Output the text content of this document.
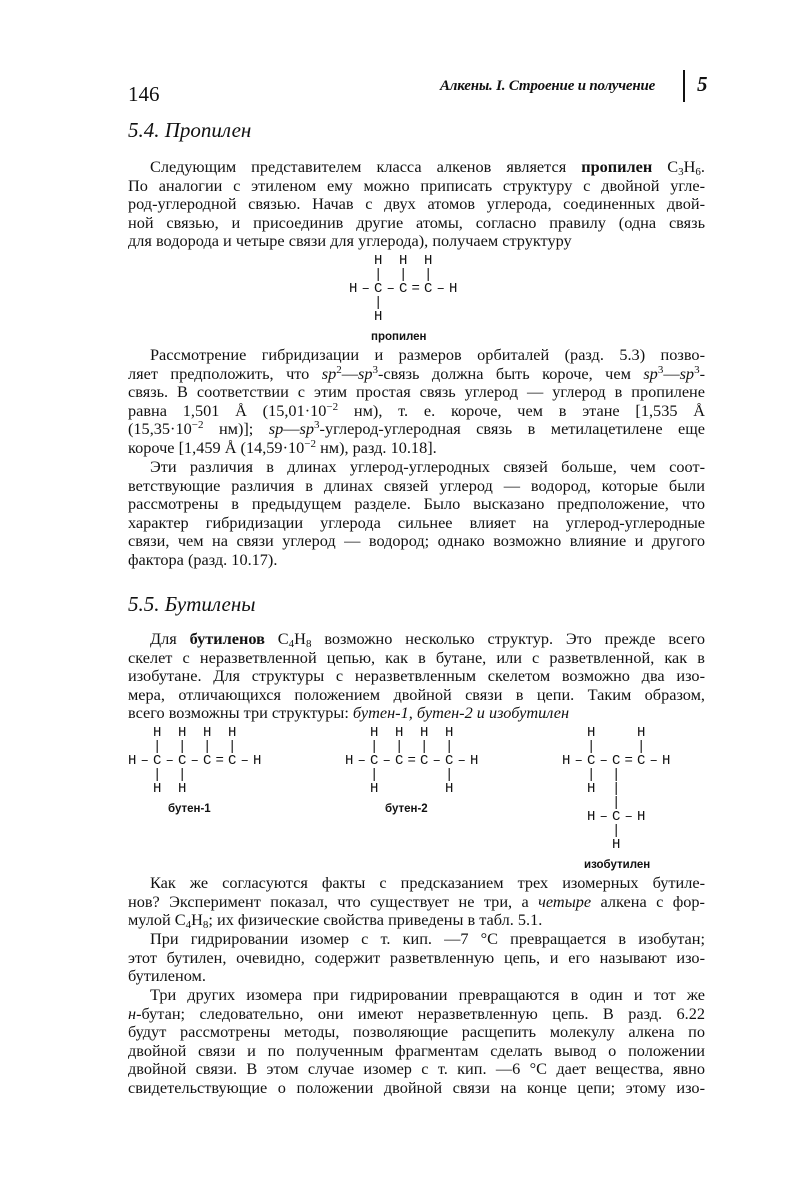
146	Алкены. I. Строение и получение 5
5.4. Пропилен
Следующим представителем класса алкенов является пропилен $C_3H_6$.
По аналогии с этиленом ему можно приписать структуру с двойной угле-
род-углеродной связью. Начав с двух атомов углерода, соединенных двой-
ной связью, и присоединив другие атомы, согласно правилу (одна связь
для водорода и четыре связи для углерода), получаем структуру
H H H
| | |
H–C–C=C–H
|
H
пропилен
Рассмотрение гибридизации и размеров орбиталей (разд. 5.3) позво-
ляет предположить, что $sp^2—sp^3$-связь должна быть короче, чем $sp^3—sp^3-$
связь. В соответствии с этим простая связь углерод — углерод в пропилене
равна 1,501 Å ($15,01\cdot 10^{-2}$ нм), т. е. короче, чем в этане [1,535 Å
($15,35\cdot 10^{-2}$ нм)]; $sp—sp^3-углерод$-углеродная связь в метилацетилене еще
короче [1,459 Å ($14,59\cdot 10^{-2}$ нм), разд. 10.18].
Эти различия в длинах углерод-углеродных связей больше, чем соот-
ветствующие различия в длинах связей углерод — водород, которые были
рассмотрены в предыдущем разделе. Было высказано предположение, что
характер гибридизации углерода сильнее влияет на углерод-углеродные
связи, чем на связи углерод — водород; однако возможно влияние и другого
фактора (разд. 10.17).
5.5. Бутилены
Для бутиленов $C_4H_8$ возможно несколько структур. Это прежде всего
скелет с неразветвленной цепью, как в бутане, или с разветвленной, как в
изобутане. Для структуры с неразветвленным скелетом возможно два изо-
мера, отличающихся положением двойной связи в цепи. Таким образом,
всего возможны три структуры: бутен-1, бутен-2 и изобутилен
H H H H
| | | |
H–C–C–C=C–H
| |
H H
бутен-1
H H H H
| | | |
H–C–C=C–C–H
|     |
H     H
бутен-2
H   H
|   |
H–C–C=C–H
| |
H |
|
H–C–H
|
H
изобутилен
Как же согласуются факты с предсказанием трех изомерных бутиле-
нов? Эксперимент показал, что существует не три, а четыре алкена с фор-
мулой $C_4H_8$; их физические свойства приведены в табл. 5.1.
При гидрировании изомер с т. кип. —7 °C превращается в изобутан;
этот бутилен, очевидно, содержит разветвленную цепь, и его называют изо-
бутиленом.
Три других изомера при гидрировании превращаются в один и тот же
н-бутан; следовательно, они имеют неразветвленную цепь. В разд. 6.22
будут рассмотрены методы, позволяющие расщепить молекулу алкена по
двойной связи и по полученным фрагментам сделать вывод о положении
двойной связи. В этом случае изомер с т. кип. —6 °C дает вещества, явно
свидетельствующие о положении двойной связи на конце цепи; этому изо-
